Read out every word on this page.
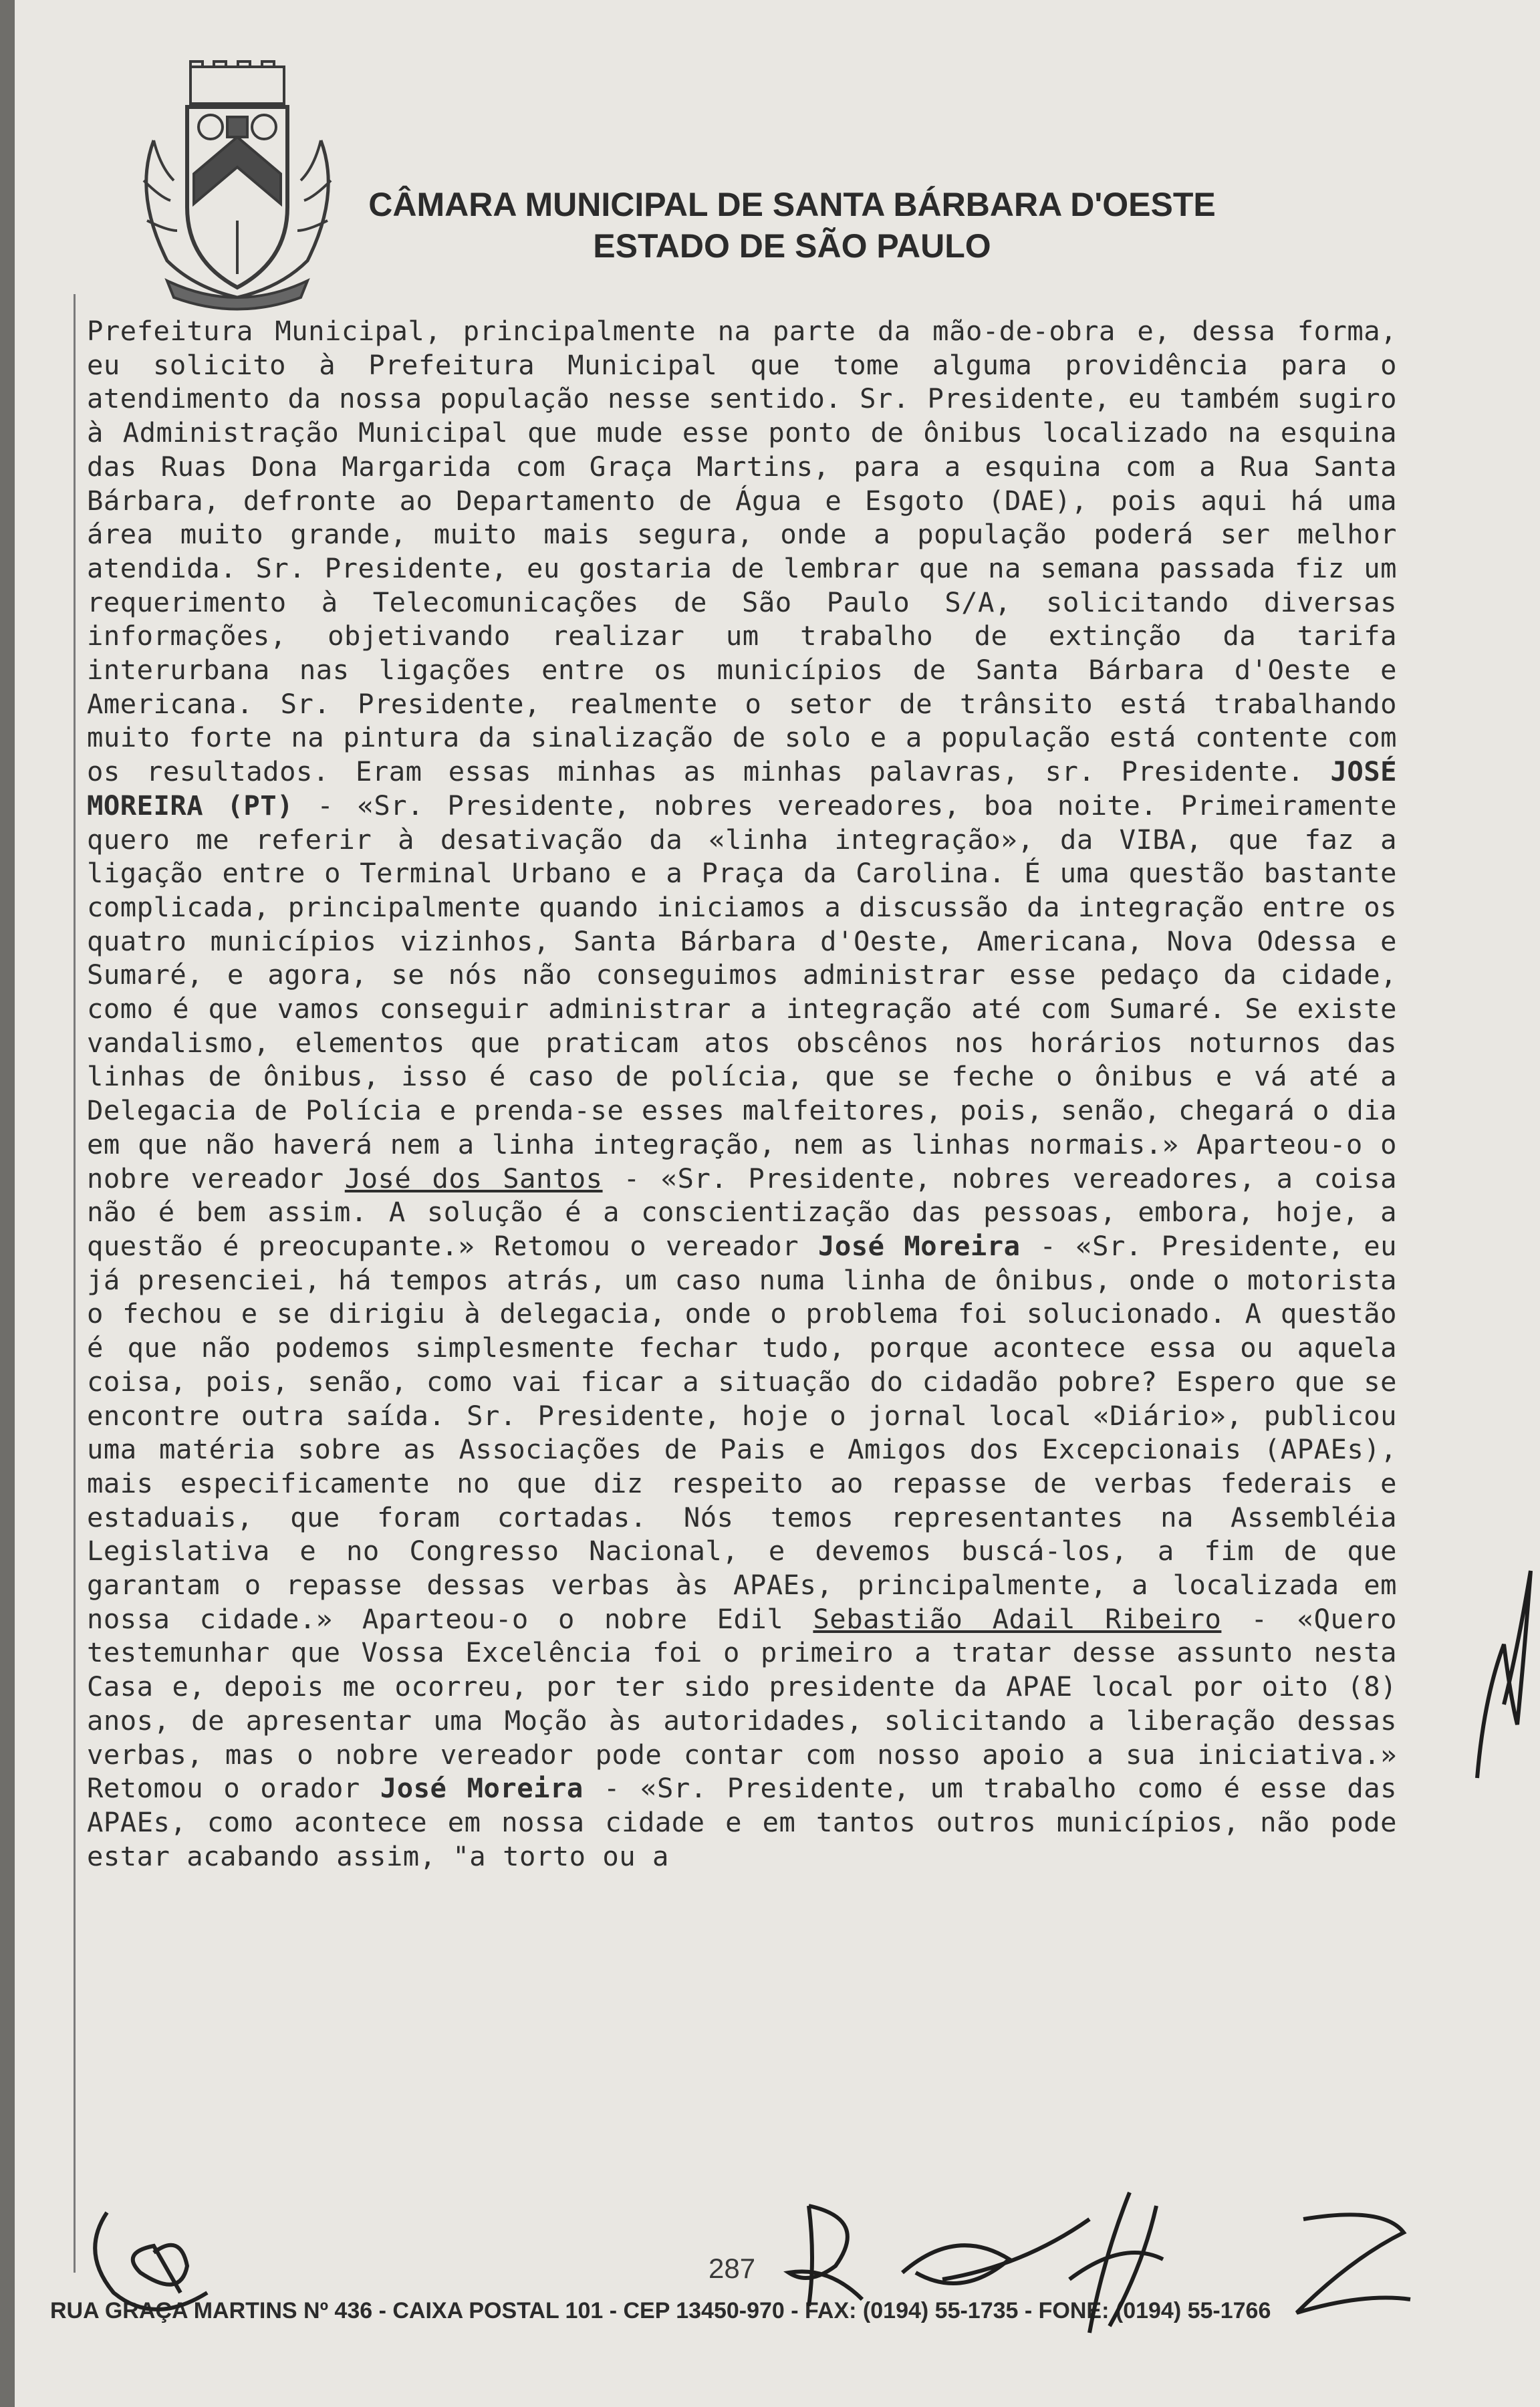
CÂMARA MUNICIPAL DE SANTA BÁRBARA D'OESTE
ESTADO DE SÃO PAULO
Prefeitura Municipal, principalmente na parte da mão-de-obra e, dessa forma, eu solicito à Prefeitura Municipal que tome alguma providência para o atendimento da nossa população nesse sentido. Sr. Presidente, eu também sugiro à Administração Municipal que mude esse ponto de ônibus localizado na esquina das Ruas Dona Margarida com Graça Martins, para a esquina com a Rua Santa Bárbara, defronte ao Departamento de Água e Esgoto (DAE), pois aqui há uma área muito grande, muito mais segura, onde a população poderá ser melhor atendida. Sr. Presidente, eu gostaria de lembrar que na semana passada fiz um requerimento à Telecomunicações de São Paulo S/A, solicitando diversas informações, objetivando realizar um trabalho de extinção da tarifa interurbana nas ligações entre os municípios de Santa Bárbara d'Oeste e Americana. Sr. Presidente, realmente o setor de trânsito está trabalhando muito forte na pintura da sinalização de solo e a população está contente com os resultados. Eram essas minhas as minhas palavras, sr. Presidente. JOSÉ MOREIRA (PT) - «Sr. Presidente, nobres vereadores, boa noite. Primeiramente quero me referir à desativação da «linha integração», da VIBA, que faz a ligação entre o Terminal Urbano e a Praça da Carolina. É uma questão bastante complicada, principalmente quando iniciamos a discussão da integração entre os quatro municípios vizinhos, Santa Bárbara d'Oeste, Americana, Nova Odessa e Sumaré, e agora, se nós não conseguimos administrar esse pedaço da cidade, como é que vamos conseguir administrar a integração até com Sumaré. Se existe vandalismo, elementos que praticam atos obscênos nos horários noturnos das linhas de ônibus, isso é caso de polícia, que se feche o ônibus e vá até a Delegacia de Polícia e prenda-se esses malfeitores, pois, senão, chegará o dia em que não haverá nem a linha integração, nem as linhas normais.» Aparteou-o o nobre vereador José dos Santos - «Sr. Presidente, nobres vereadores, a coisa não é bem assim. A solução é a conscientização das pessoas, embora, hoje, a questão é preocupante.» Retomou o vereador José Moreira - «Sr. Presidente, eu já presenciei, há tempos atrás, um caso numa linha de ônibus, onde o motorista o fechou e se dirigiu à delegacia, onde o problema foi solucionado. A questão é que não podemos simplesmente fechar tudo, porque acontece essa ou aquela coisa, pois, senão, como vai ficar a situação do cidadão pobre? Espero que se encontre outra saída. Sr. Presidente, hoje o jornal local «Diário», publicou uma matéria sobre as Associações de Pais e Amigos dos Excepcionais (APAEs), mais especificamente no que diz respeito ao repasse de verbas federais e estaduais, que foram cortadas. Nós temos representantes na Assembléia Legislativa e no Congresso Nacional, e devemos buscá-los, a fim de que garantam o repasse dessas verbas às APAEs, principalmente, a localizada em nossa cidade.» Aparteou-o o nobre Edil Sebastião Adail Ribeiro - «Quero testemunhar que Vossa Excelência foi o primeiro a tratar desse assunto nesta Casa e, depois me ocorreu, por ter sido presidente da APAE local por oito (8) anos, de apresentar uma Moção às autoridades, solicitando a liberação dessas verbas, mas o nobre vereador pode contar com nosso apoio a sua iniciativa.» Retomou o orador José Moreira - «Sr. Presidente, um trabalho como é esse das APAEs, como acontece em nossa cidade e em tantos outros municípios, não pode estar acabando assim, "a torto ou a
287
RUA GRAÇA MARTINS Nº 436 - CAIXA POSTAL 101 - CEP 13450-970 - FAX: (0194) 55-1735 - FONE: (0194) 55-1766
